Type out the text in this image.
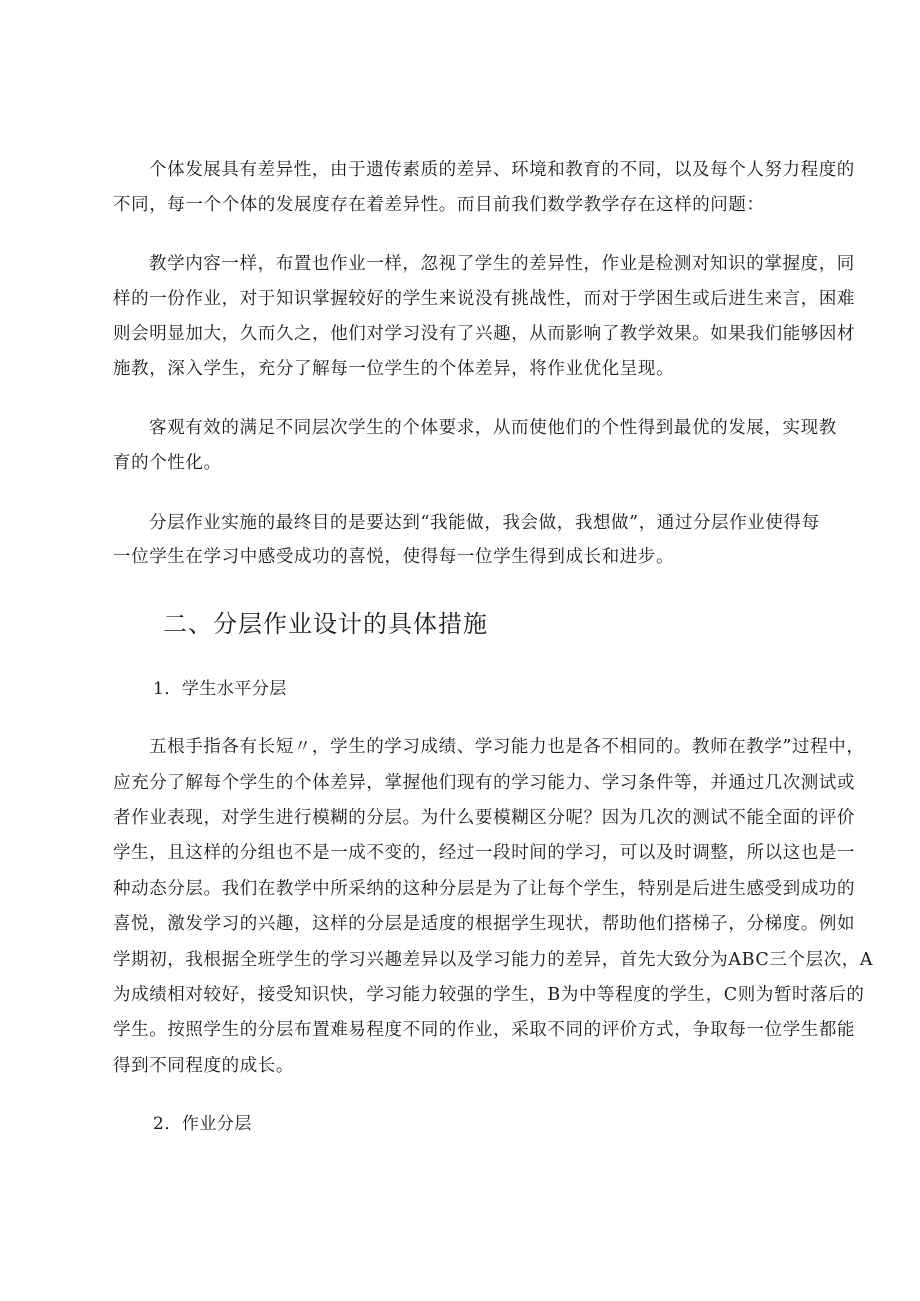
个体发展具有差异性，由于遗传素质的差异、环境和教育的不同，以及每个人努力程度的
不同，每一个个体的发展度存在着差异性。而目前我们数学教学存在这样的问题：
教学内容一样，布置也作业一样，忽视了学生的差异性，作业是检测对知识的掌握度，同
样的一份作业，对于知识掌握较好的学生来说没有挑战性，而对于学困生或后进生来言，困难
则会明显加大，久而久之，他们对学习没有了兴趣，从而影响了教学效果。如果我们能够因材
施教，深入学生，充分了解每一位学生的个体差异，将作业优化呈现。
客观有效的满足不同层次学生的个体要求，从而使他们的个性得到最优的发展，实现教
育的个性化。
分层作业实施的最终目的是要达到“我能做，我会做，我想做”，通过分层作业使得每
一位学生在学习中感受成功的喜悦，使得每一位学生得到成长和进步。
二、分层作业设计的具体措施
1．学生水平分层
五根手指各有长短〃，学生的学习成绩、学习能力也是各不相同的。教师在教学”过程中，
应充分了解每个学生的个体差异，掌握他们现有的学习能力、学习条件等，并通过几次测试或
者作业表现，对学生进行模糊的分层。为什么要模糊区分呢？因为几次的测试不能全面的评价
学生，且这样的分组也不是一成不变的，经过一段时间的学习，可以及时调整，所以这也是一
种动态分层。我们在教学中所采纳的这种分层是为了让每个学生，特别是后进生感受到成功的
喜悦，激发学习的兴趣，这样的分层是适度的根据学生现状，帮助他们搭梯子，分梯度。例如
学期初，我根据全班学生的学习兴趣差异以及学习能力的差异，首先大致分为ABC三个层次，A
为成绩相对较好，接受知识快，学习能力较强的学生，B为中等程度的学生，C则为暂时落后的
学生。按照学生的分层布置难易程度不同的作业，采取不同的评价方式，争取每一位学生都能
得到不同程度的成长。
2．作业分层
